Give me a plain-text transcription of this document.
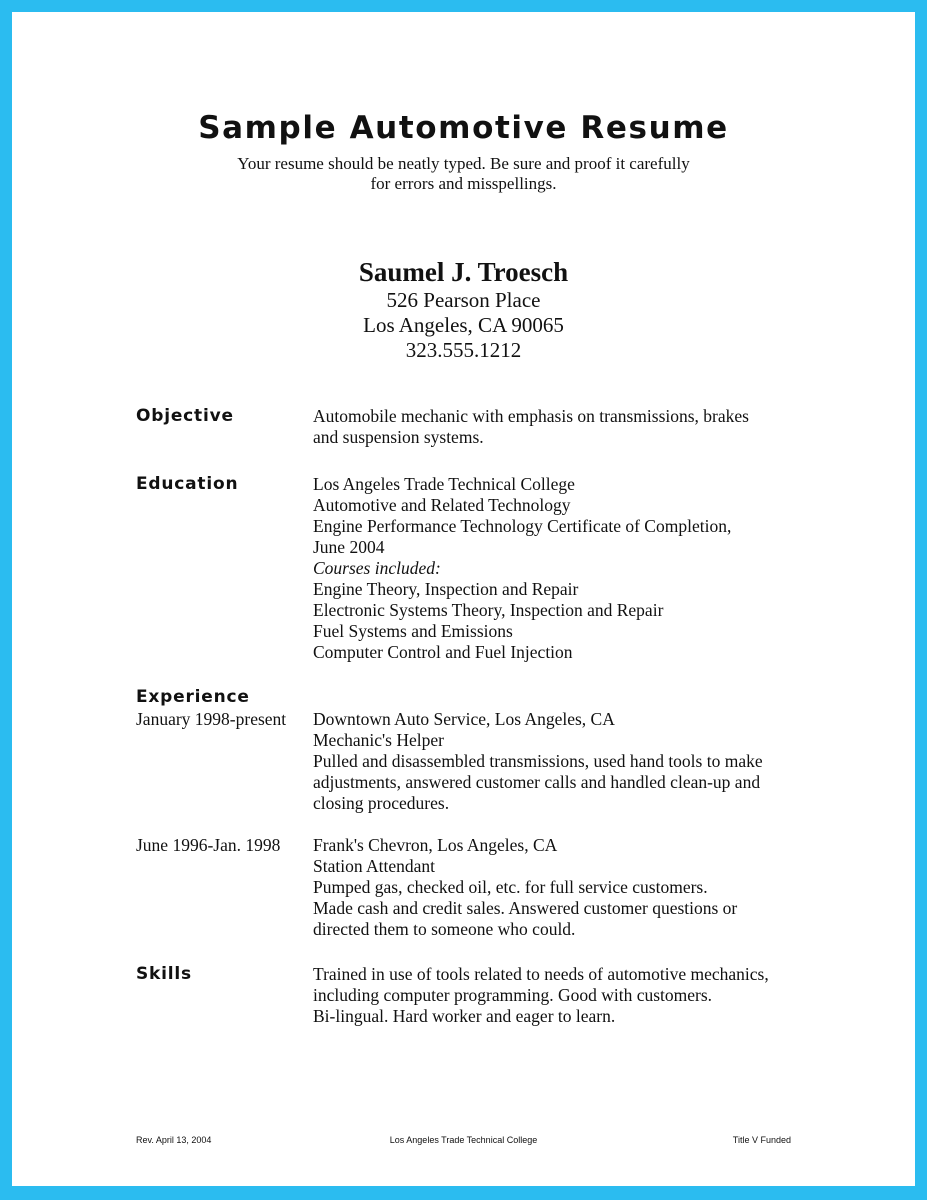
Sample Automotive Resume
Your resume should be neatly typed. Be sure and proof it carefully
for errors and misspellings.
Saumel J. Troesch
526 Pearson Place
Los Angeles, CA 90065
323.555.1212
Objective	Automobile mechanic with emphasis on transmissions, brakes
and suspension systems.
Education	Los Angeles Trade Technical College
Automotive and Related Technology
Engine Performance Technology Certificate of Completion,
June 2004
Courses included:
Engine Theory, Inspection and Repair
Electronic Systems Theory, Inspection and Repair
Fuel Systems and Emissions
Computer Control and Fuel Injection
Experience
January 1998-present Downtown Auto Service, Los Angeles, CA
Mechanic's Helper
Pulled and disassembled transmissions, used hand tools to make
adjustments, answered customer calls and handled clean-up and
closing procedures.
June 1996-Jan. 1998 Frank's Chevron, Los Angeles, CA
Station Attendant
Pumped gas, checked oil, etc. for full service customers.
Made cash and credit sales. Answered customer questions or
directed them to someone who could.
Skills	Trained in use of tools related to needs of automotive mechanics,
including computer programming. Good with customers.
Bi-lingual. Hard worker and eager to learn.
Rev. April 13, 2004	Los Angeles Trade Technical College	Title V Funded
